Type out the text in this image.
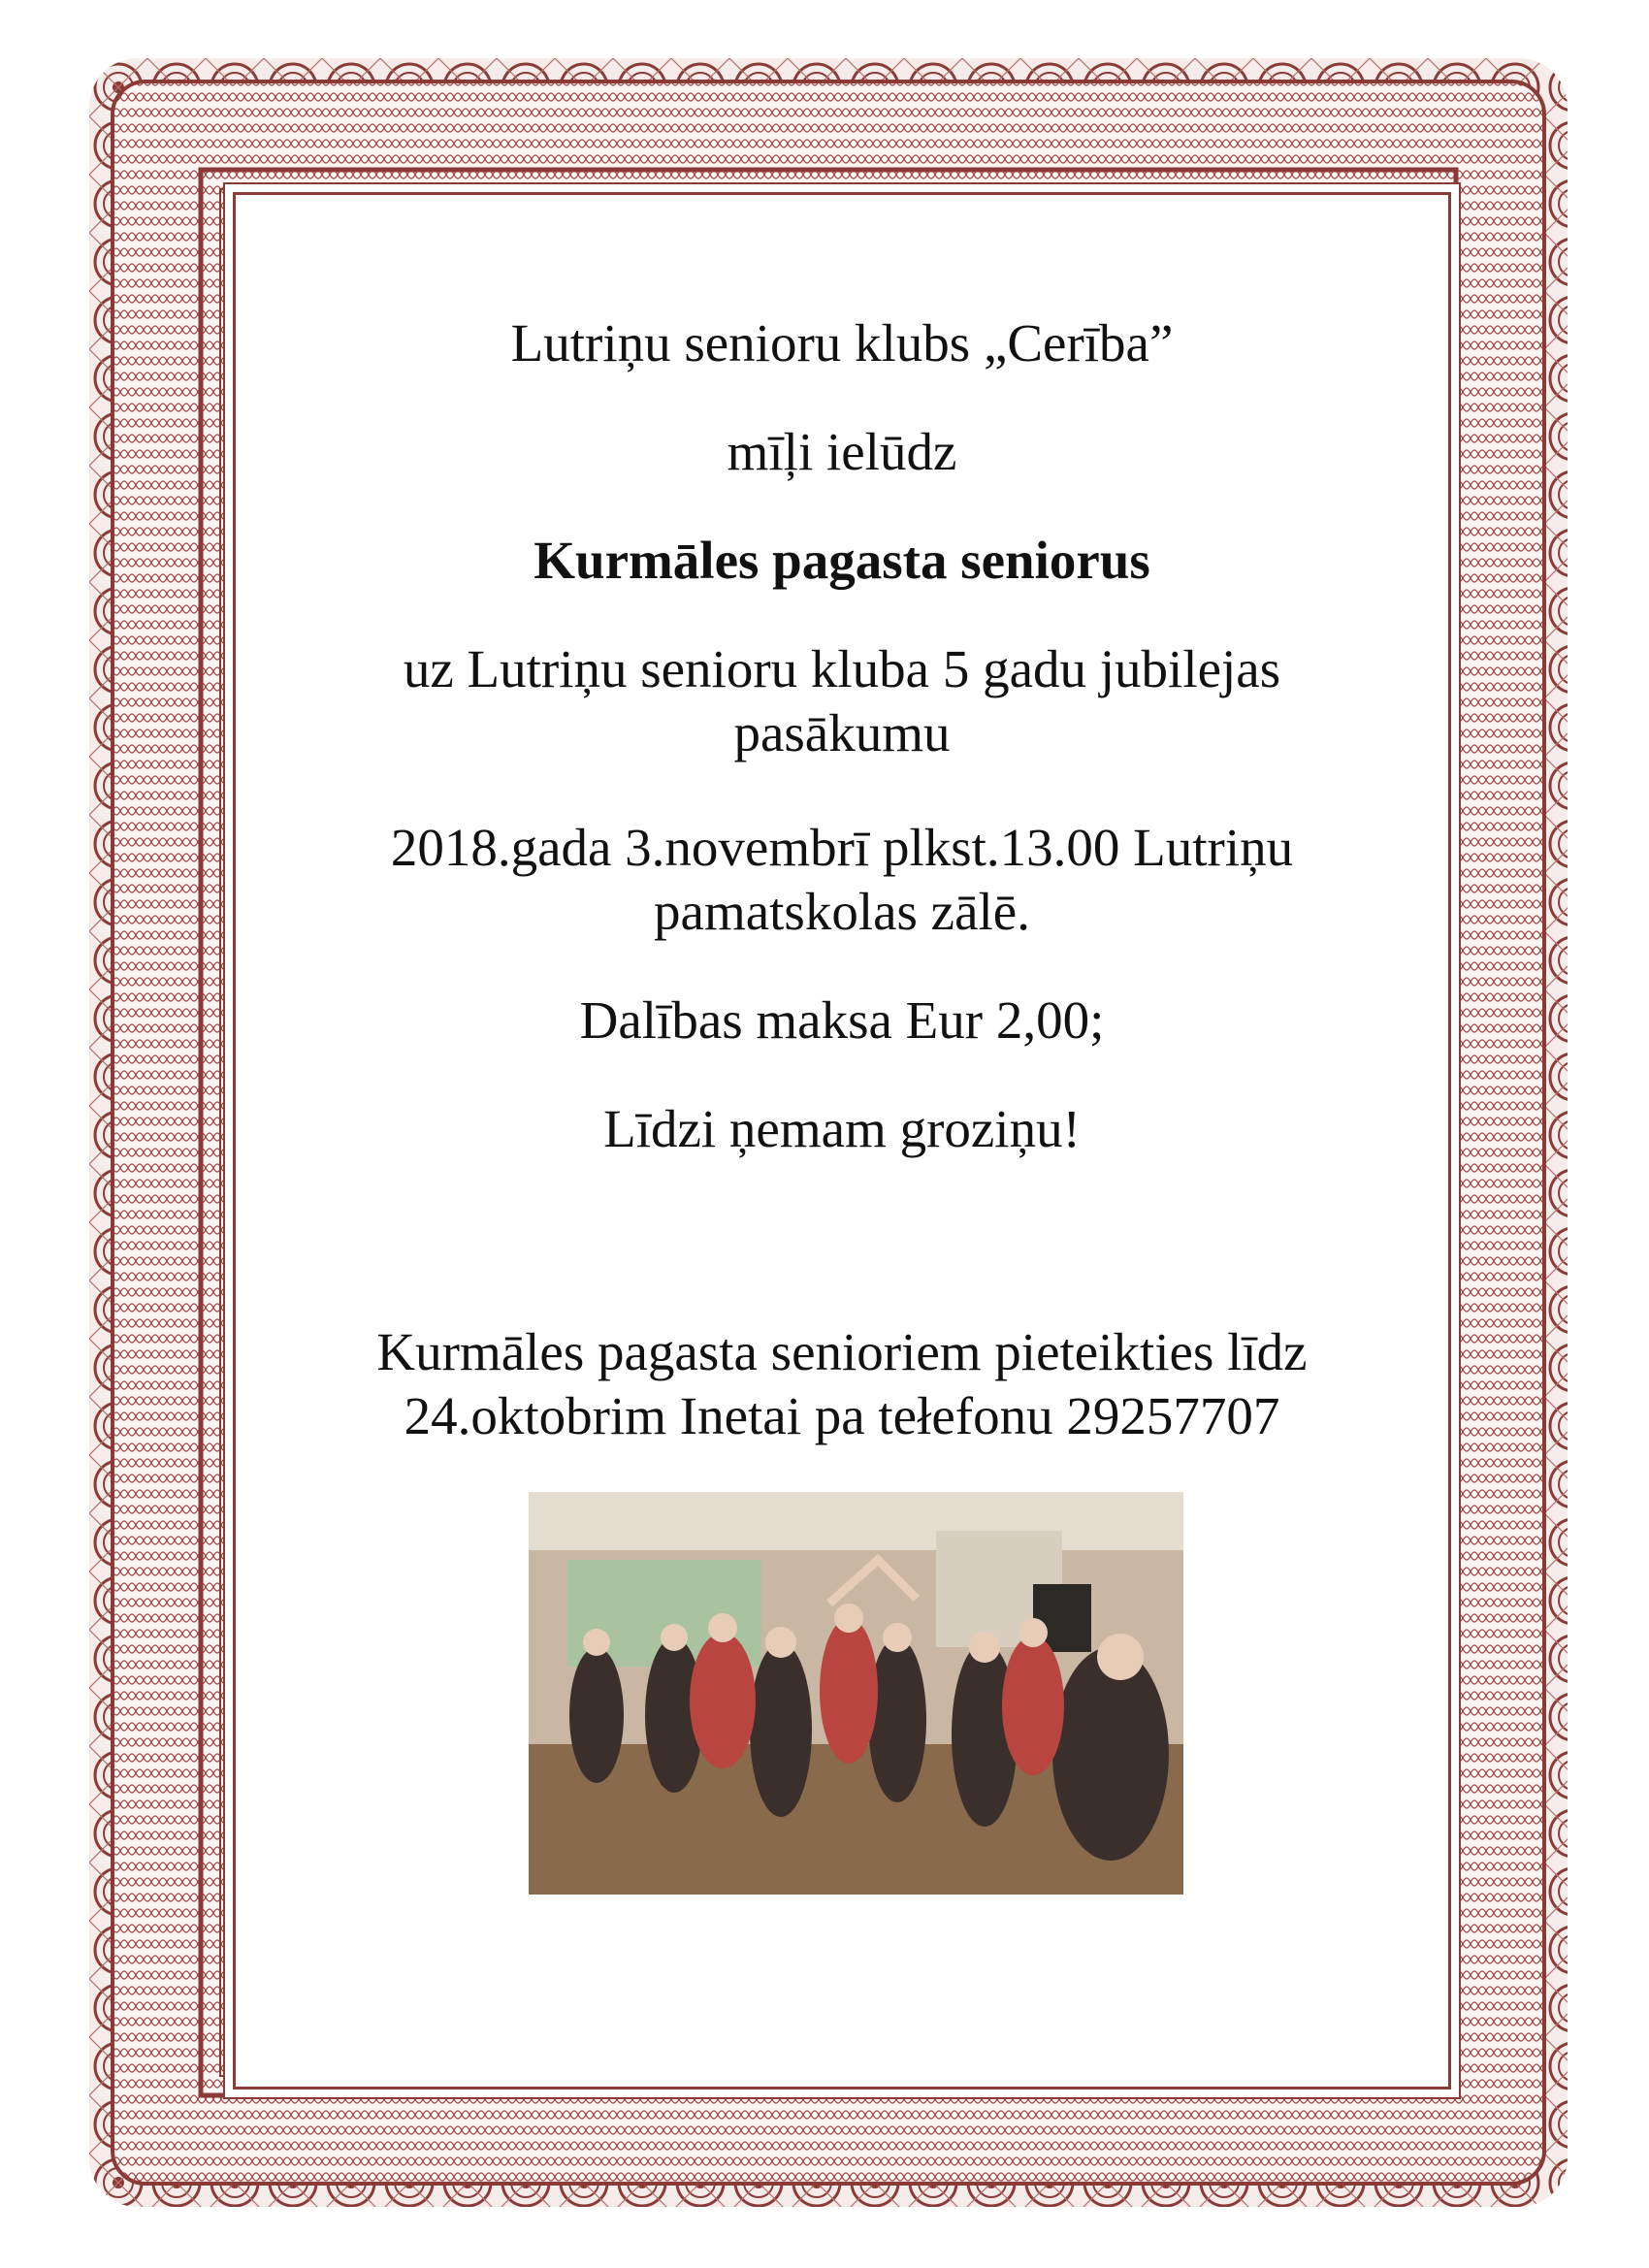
Lutriņu senioru klubs „Cerība”

mīļi ielūdz

Kurmāles pagasta seniorus

uz Lutriņu senioru kluba 5 gadu jubilejas

pasākumu

2018.gada 3.novembrī plkst.13.00 Lutriņu

pamatskolas zālē.

Dalības maksa Eur 2,00;

Līdzi ņemam groziņu!

Kurmāles pagasta senioriem pieteikties līdz

24.oktobrim Inetai pa tełefonu 29257707
